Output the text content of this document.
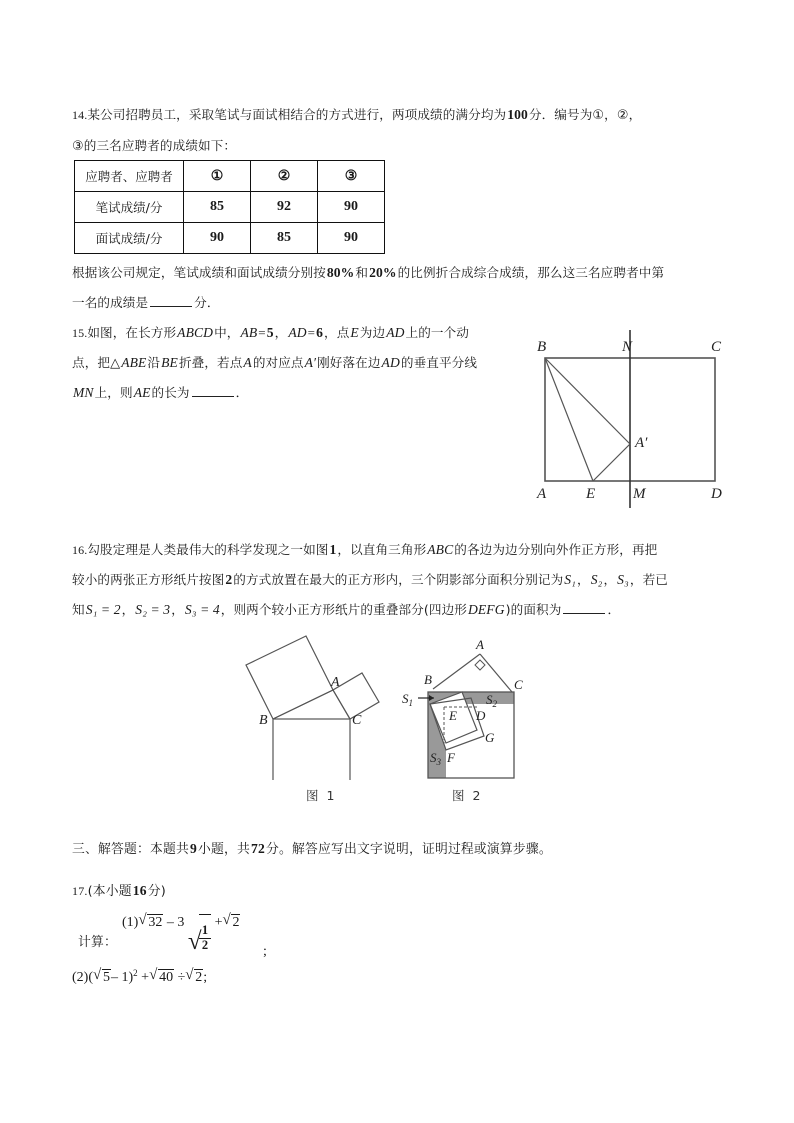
14.某公司招聘员工，采取笔试与面试相结合的方式进行，两项成绩的满分均为100分．编号为①，②，
③的三名应聘者的成绩如下：
应聘者、应聘者	①	②	③
笔试成绩/分	85	92	90
面试成绩/分	90	85	90
根据该公司规定，笔试成绩和面试成绩分别按80%和20%的比例折合成综合成绩，那么这三名应聘者中第
一名的成绩是	分．
15.如图，在长方形ABCD中，AB=5，AD=6，点E为边AD上的一个动
点，把△ABE沿BE折叠，若点A的对应点A′刚好落在边AD的垂直平分线
MN上，则AE的长为	．
B	N	C
A′
A	E	M	D
16.勾股定理是人类最伟大的科学发现之一如图1，以直角三角形ABC的各边为边分别向外作正方形，再把
较小的两张正方形纸片按图2的方式放置在最大的正方形内，三个阴影部分面积分别记为S₁，S₂，S₃，若已
知S₁ = 2，S₂ = 3，S₃ = 4，则两个较小正方形纸片的重叠部分(四边形DEFG)的面积为	．
A
B	C
图 1
A
B	C
$S_1$	$S_2$
$S_3$
E D
F
G
图 2
三、解答题：本题共9小题，共72分。解答应写出文字说明，证明过程或演算步骤。
17.(本小题16分)
计算：
(1) √ 32 – 3
√ $\frac{1}{2}$
+ √ 2
;
(2)( √ 5– 1)$^2$ + √ 40 ÷ √ 2;
